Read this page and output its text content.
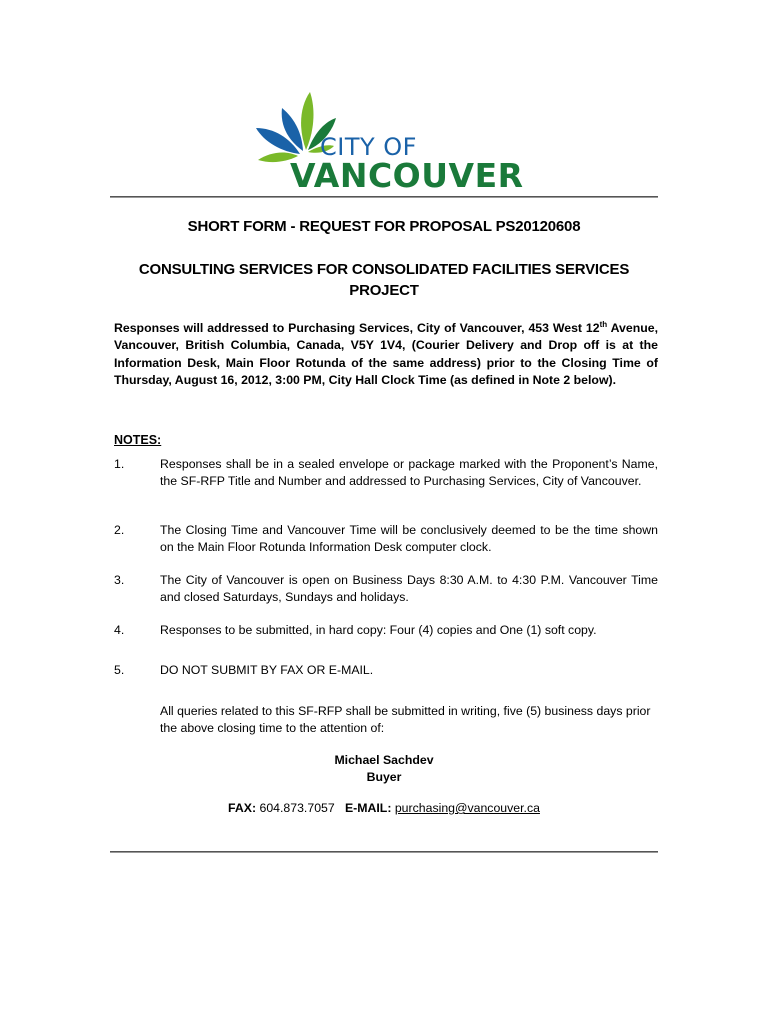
CITY OF
VANCOUVER
SHORT FORM - REQUEST FOR PROPOSAL PS20120608
CONSULTING SERVICES FOR CONSOLIDATED FACILITIES SERVICES PROJECT
Responses will addressed to Purchasing Services, City of Vancouver, 453 West 12th Avenue, Vancouver, British Columbia, Canada, V5Y 1V4, (Courier Delivery and Drop off is at the Information Desk, Main Floor Rotunda of the same address) prior to the Closing Time of Thursday, August 16, 2012, 3:00 PM, City Hall Clock Time (as defined in Note 2 below).
NOTES:
1.	Responses shall be in a sealed envelope or package marked with the Proponent’s Name, the SF-RFP Title and Number and addressed to Purchasing Services, City of Vancouver.
2.	The Closing Time and Vancouver Time will be conclusively deemed to be the time shown on the Main Floor Rotunda Information Desk computer clock.
3.	The City of Vancouver is open on Business Days 8:30 A.M. to 4:30 P.M. Vancouver Time and closed Saturdays, Sundays and holidays.
4.	Responses to be submitted, in hard copy: Four (4) copies and One (1) soft copy.
5.	DO NOT SUBMIT BY FAX OR E-MAIL.
All queries related to this SF-RFP shall be submitted in writing, five (5) business days prior the above closing time to the attention of:
Michael Sachdev
Buyer
FAX: 604.873.7057 E-MAIL: purchasing@vancouver.ca
